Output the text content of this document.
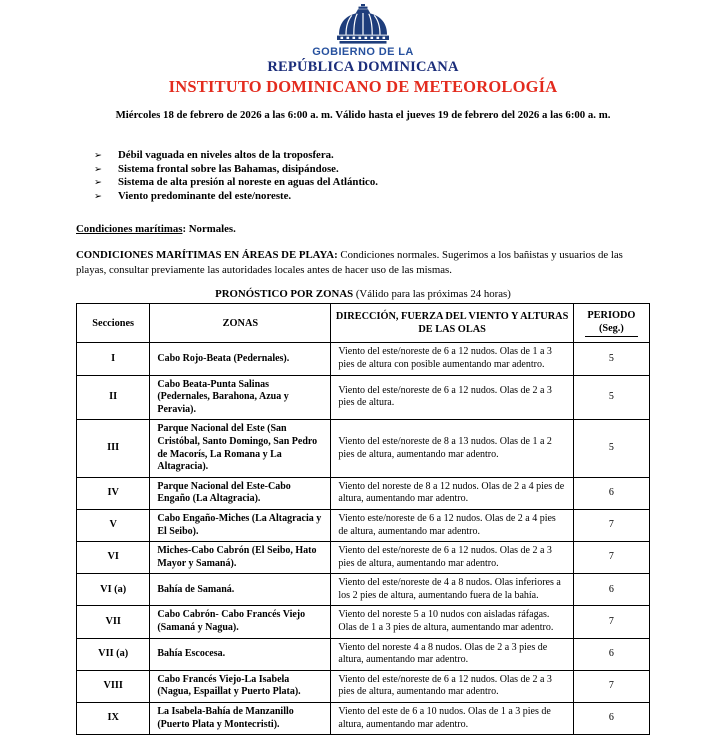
GOBIERNO DE LA
REPÚBLICA DOMINICANA
INSTITUTO DOMINICANO DE METEOROLOGÍA

Miércoles 18 de febrero de 2026 a las 6:00 a. m. Válido hasta el jueves 19 de febrero del 2026 a las 6:00 a. m.

➢	Débil vaguada en niveles altos de la troposfera.
➢	Sistema frontal sobre las Bahamas, disipándose.
➢	Sistema de alta presión al noreste en aguas del Atlántico.
➢	Viento predominante del este/noreste.

Condiciones marítimas: Normales.

CONDICIONES MARÍTIMAS EN ÁREAS DE PLAYA: Condiciones normales. Sugerimos a los bañistas y usuarios de las playas, consultar previamente las autoridades locales antes de hacer uso de las mismas.

PRONÓSTICO POR ZONAS (Válido para las próximas 24 horas)

Secciones	ZONAS	DIRECCIÓN, FUERZA DEL VIENTO Y ALTURAS DE LAS OLAS	PERIODO
(Seg.)

I	Cabo Rojo-Beata (Pedernales).	Viento del este/noreste de 6 a 12 nudos. Olas de 1 a 3 pies de altura con posible aumentando mar adentro.	5
II	Cabo Beata-Punta Salinas (Pedernales, Barahona, Azua y Peravia).	Viento del este/noreste de 6 a 12 nudos. Olas de 2 a 3 pies de altura.	5
III	Parque Nacional del Este (San Cristóbal, Santo Domingo, San Pedro de Macorís, La Romana y La Altagracia).	Viento del este/noreste de 8 a 13 nudos. Olas de 1 a 2 pies de altura, aumentando mar adentro.	5
IV	Parque Nacional del Este-Cabo Engaño (La Altagracia).	Viento del noreste de 8 a 12 nudos. Olas de 2 a 4 pies de altura, aumentando mar adentro.	6
V	Cabo Engaño-Miches (La Altagracia y El Seibo).	Viento este/noreste de 6 a 12 nudos. Olas de 2 a 4 pies de altura, aumentando mar adentro.	7
VI	Miches-Cabo Cabrón (El Seibo, Hato Mayor y Samaná).	Viento del este/noreste de 6 a 12 nudos. Olas de 2 a 3 pies de altura, aumentando mar adentro.	7
VI (a)	Bahía de Samaná.	Viento del este/noreste de 4 a 8 nudos. Olas inferiores a los 2 pies de altura, aumentando fuera de la bahía.	6
VII	Cabo Cabrón- Cabo Francés Viejo (Samaná y Nagua).	Viento del noreste 5 a 10 nudos con aisladas ráfagas. Olas de 1 a 3 pies de altura, aumentando mar adentro.	7
VII (a)	Bahía Escocesa.	Viento del noreste 4 a 8 nudos. Olas de 2 a 3 pies de altura, aumentando mar adentro.	6
VIII	Cabo Francés Viejo-La Isabela (Nagua, Espaillat y Puerto Plata).	Viento del este/noreste de 6 a 12 nudos. Olas de 2 a 3 pies de altura, aumentando mar adentro.	7
IX	La Isabela-Bahía de Manzanillo (Puerto Plata y Montecristi).	Viento del este de 6 a 10 nudos. Olas de 1 a 3 pies de altura, aumentando mar adentro.	6
